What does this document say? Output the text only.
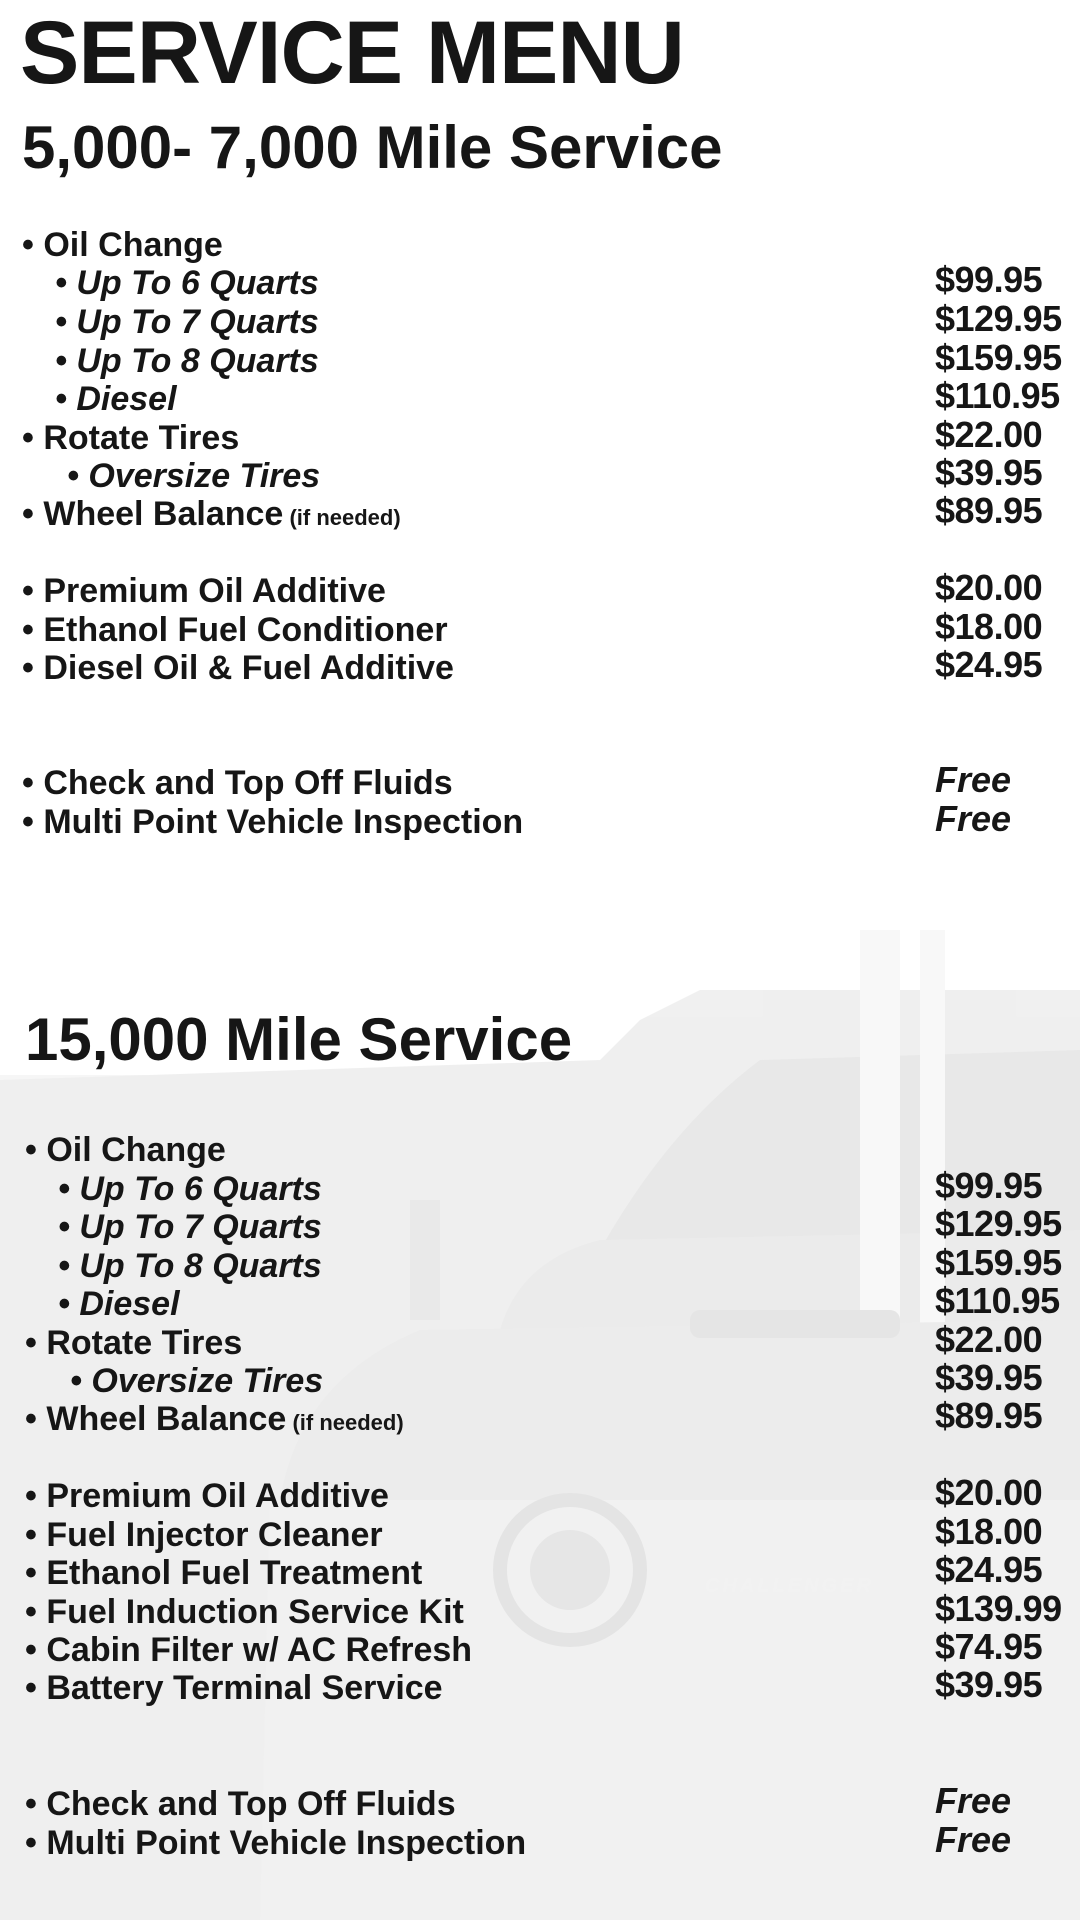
CHALLENGER
SERVICE MENU
5,000- 7,000 Mile Service
• Oil Change
• Up To 6 Quarts	$99.95
• Up To 7 Quarts	$129.95
• Up To 8 Quarts	$159.95
• Diesel	$110.95
• Rotate Tires	$22.00
• Oversize Tires	$39.95
• Wheel Balance (if needed)	$89.95
• Premium Oil Additive	$20.00
• Ethanol Fuel Conditioner	$18.00
• Diesel Oil & Fuel Additive	$24.95
• Check and Top Off Fluids	Free
• Multi Point Vehicle Inspection	Free
15,000 Mile Service
• Oil Change
• Up To 6 Quarts	$99.95
• Up To 7 Quarts	$129.95
• Up To 8 Quarts	$159.95
• Diesel	$110.95
• Rotate Tires	$22.00
• Oversize Tires	$39.95
• Wheel Balance (if needed)	$89.95
• Premium Oil Additive	$20.00
• Fuel Injector Cleaner	$18.00
• Ethanol Fuel Treatment	$24.95
• Fuel Induction Service Kit	$139.99
• Cabin Filter w/ AC Refresh	$74.95
• Battery Terminal Service	$39.95
• Check and Top Off Fluids	Free
• Multi Point Vehicle Inspection	Free
